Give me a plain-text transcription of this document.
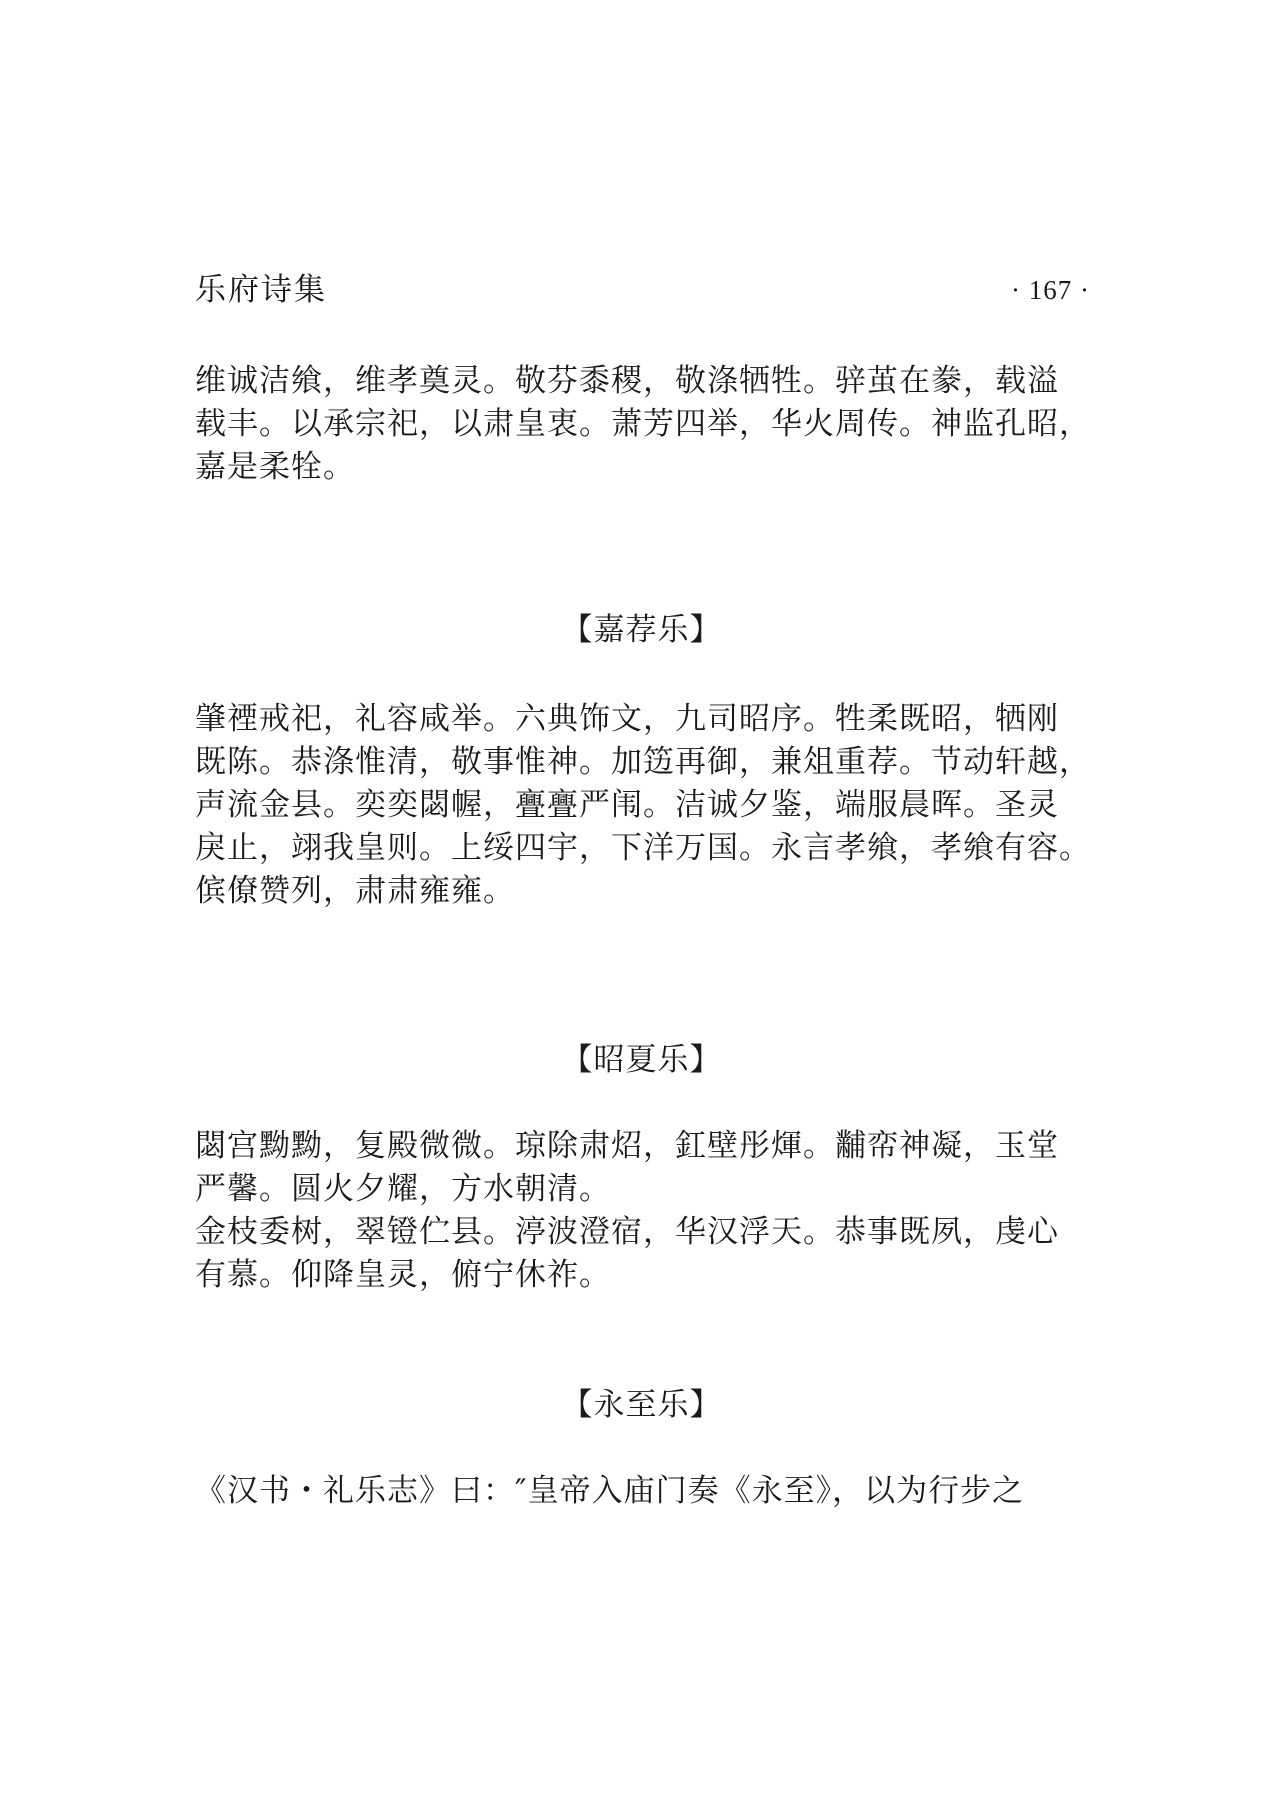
乐府诗集	· 167 ·

维诚洁飨，维孝奠灵。敬芬黍稷，敬涤牺牲。骍茧在豢，载溢

载丰。以承宗祀，以肃皇衷。萧芳四举，华火周传。神监孔昭，

嘉是柔牷。

【嘉荐乐】

肇禋戒祀，礼容咸举。六典饰文，九司昭序。牲柔既昭，牺刚

既陈。恭涤惟清，敬事惟神。加笾再御，兼俎重荐。节动轩越，

声流金县。奕奕閟幄，亹亹严闱。洁诚夕鉴，端服晨晖。圣灵

戾止，翊我皇则。上绥四宇，下洋万国。永言孝飨，孝飨有容。

傧僚赞列，肃肃雍雍。

【昭夏乐】

閟宫黝黝，复殿微微。琼除肃炤，釭壁彤煇。黼帟神凝，玉堂

严馨。圆火夕耀，方水朝清。

金枝委树，翠镫伫县。渟波澄宿，华汉浮天。恭事既夙，虔心

有慕。仰降皇灵，俯宁休祚。

【永至乐】
《汉书・礼乐志》曰：″皇帝入庙门奏《永至》，以为行步之
